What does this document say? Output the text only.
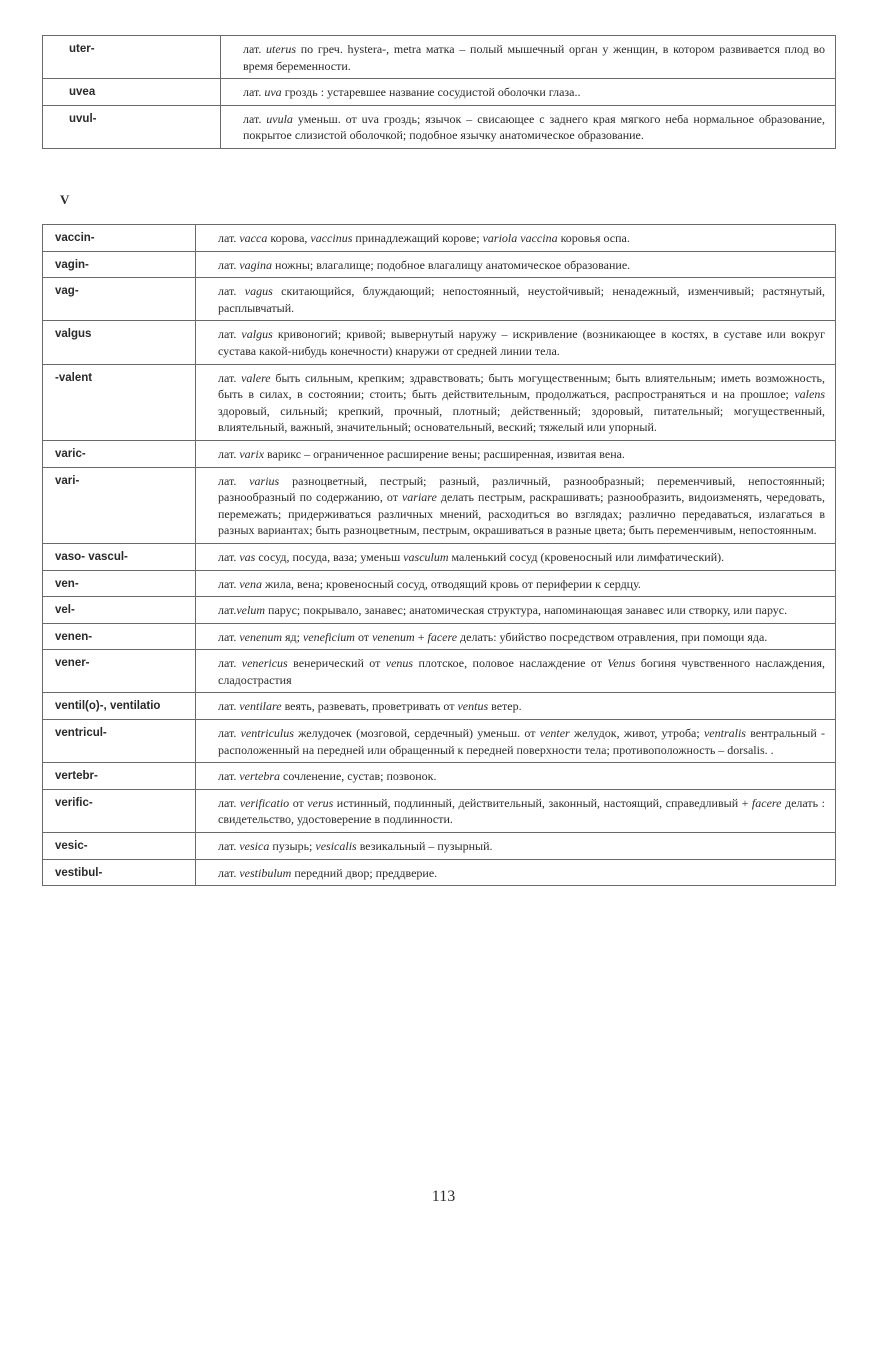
uter-	лат. uterus по греч. hystera-, metra матка – полый мышечный орган у женщин, в котором развивается плод во время беременности.
uvea	лат. uva гроздь : устаревшее название сосудистой оболочки глаза..
uvul-	лат. uvula уменьш. от uva гроздь; язычок – свисающее с заднего края мягкого неба нормальное образование, покрытое слизистой оболочкой; подобное язычку анатомическое образование.
V
vaccin-	лат. vacca корова, vaccinus принадлежащий корове; variola vaccina коровья оспа.
vagin-	лат. vagina ножны; влагалище; подобное влагалищу анатомическое образование.
vag-	лат. vagus скитающийся, блуждающий; непостоянный, неустойчивый; ненадежный, изменчивый; растянутый, расплывчатый.
valgus	лат. valgus кривоногий; кривой; вывернутый наружу – искривление (возникающее в костях, в суставе или вокруг сустава какой-нибудь конечности) кнаружи от средней линии тела.
-valent	лат. valere быть сильным, крепким; здравствовать; быть могущественным; быть влиятельным; иметь возможность, быть в силах, в состоянии; стоить; быть действительным, продолжаться, распространяться и на прошлое; valens здоровый, сильный; крепкий, прочный, плотный; действенный; здоровый, питательный; могущественный, влиятельный, важный, значительный; основательный, веский; тяжелый или упорный.
varic-	лат. varix варикс – ограниченное расширение вены; расширенная, извитая вена.
vari-	лат. varius разноцветный, пестрый; разный, различный, разнообразный; переменчивый, непостоянный; разнообразный по содержанию, от variare делать пестрым, раскрашивать; разнообразить, видоизменять, чередовать, перемежать; придерживаться различных мнений, расходиться во взглядах; различно передаваться, излагаться в разных вариантах; быть разноцветным, пестрым, окрашиваться в разные цвета; быть переменчивым, непостоянным.
vaso- vascul-	лат. vas сосуд, посуда, ваза; уменьш vasculum маленький сосуд (кровеносный или лимфатический).
ven-	лат. vena жила, вена; кровеносный сосуд, отводящий кровь от периферии к сердцу.
vel-	лат.velum парус; покрывало, занавес; анатомическая структура, напоминающая занавес или створку, или парус.
venen-	лат. venenum яд; veneficium от venenum + facere делать: убийство посредством отравления, при помощи яда.
vener-	лат. venericus венерический от venus плотское, половое наслаждение от Venus богиня чувственного наслаждения, сладострастия
ventil(o)-, ventilatio	лат. ventilare веять, развевать, проветривать от ventus ветер.
ventricul-	лат. ventriculus желудочек (мозговой, сердечный) уменьш. от venter желудок, живот, утроба; ventralis вентральный - расположенный на передней или обращенный к передней поверхности тела; противоположность – dorsalis. .
vertebr-	лат. vertebra сочленение, сустав; позвонок.
verific-	лат. verificatio от verus истинный, подлинный, действительный, законный, настоящий, справедливый + facere делать : свидетельство, удостоверение в подлинности.
vesic-	лат. vesica пузырь; vesicalis везикальный – пузырный.
vestibul-	лат. vestibulum передний двор; преддверие.
113
